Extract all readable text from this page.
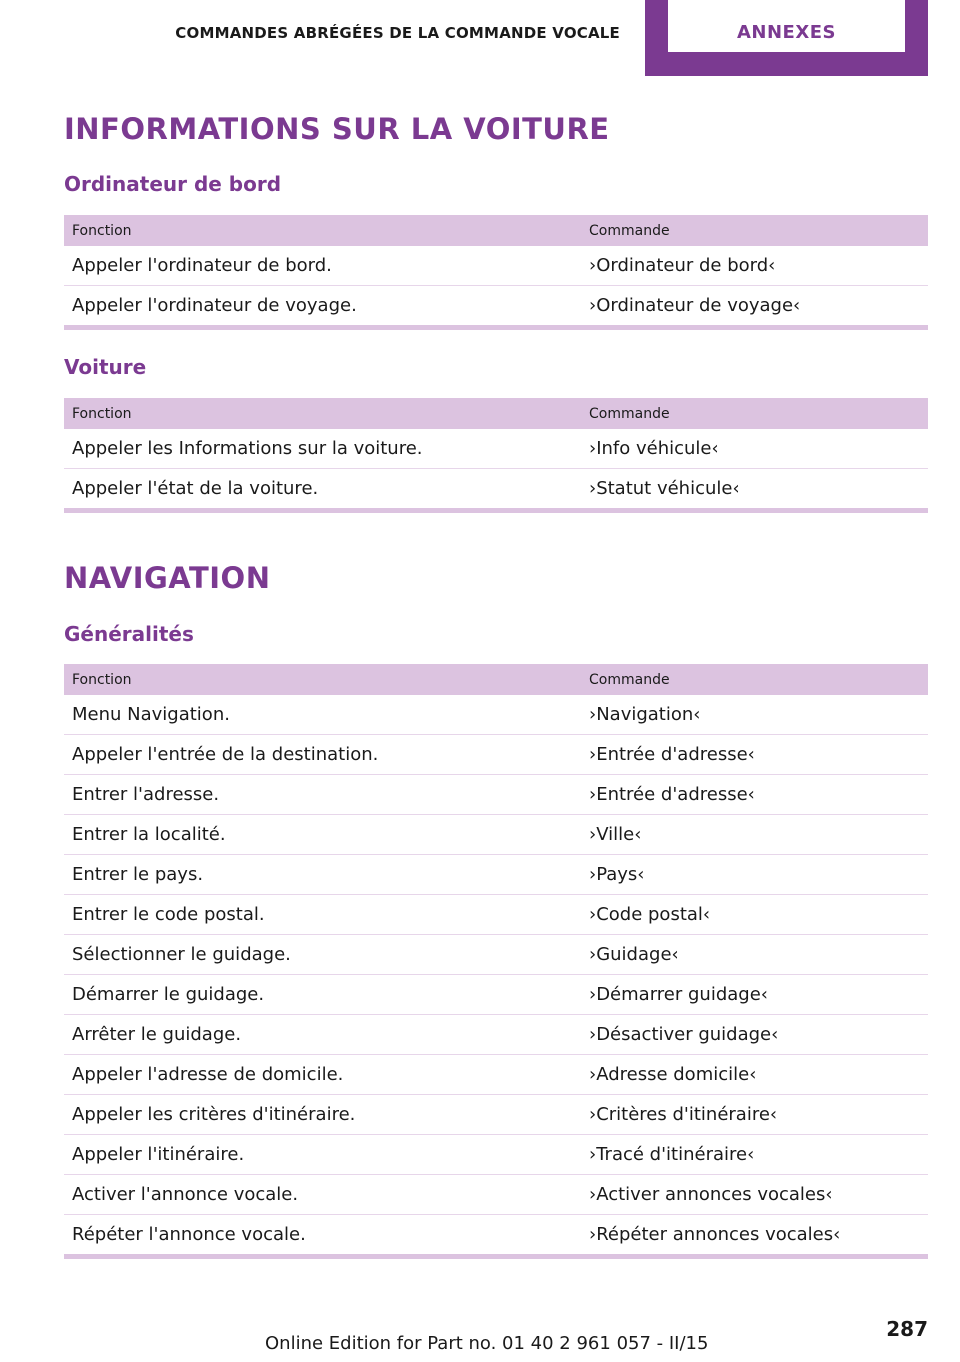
COMMANDES ABRÉGÉES DE LA COMMANDE VOCALE	ANNEXES
INFORMATIONS SUR LA VOITURE
Ordinateur de bord
Fonction	Commande
Appeler l'ordinateur de bord.	›Ordinateur de bord‹
Appeler l'ordinateur de voyage.	›Ordinateur de voyage‹
Voiture
Fonction	Commande
Appeler les Informations sur la voiture.	›Info véhicule‹
Appeler l'état de la voiture.	›Statut véhicule‹
NAVIGATION
Généralités
Fonction	Commande
Menu Navigation.	›Navigation‹
Appeler l'entrée de la destination.	›Entrée d'adresse‹
Entrer l'adresse.	›Entrée d'adresse‹
Entrer la localité.	›Ville‹
Entrer le pays.	›Pays‹
Entrer le code postal.	›Code postal‹
Sélectionner le guidage.	›Guidage‹
Démarrer le guidage.	›Démarrer guidage‹
Arrêter le guidage.	›Désactiver guidage‹
Appeler l'adresse de domicile.	›Adresse domicile‹
Appeler les critères d'itinéraire.	›Critères d'itinéraire‹
Appeler l'itinéraire.	›Tracé d'itinéraire‹
Activer l'annonce vocale.	›Activer annonces vocales‹
Répéter l'annonce vocale.	›Répéter annonces vocales‹
287
Online Edition for Part no. 01 40 2 961 057 - II/15
